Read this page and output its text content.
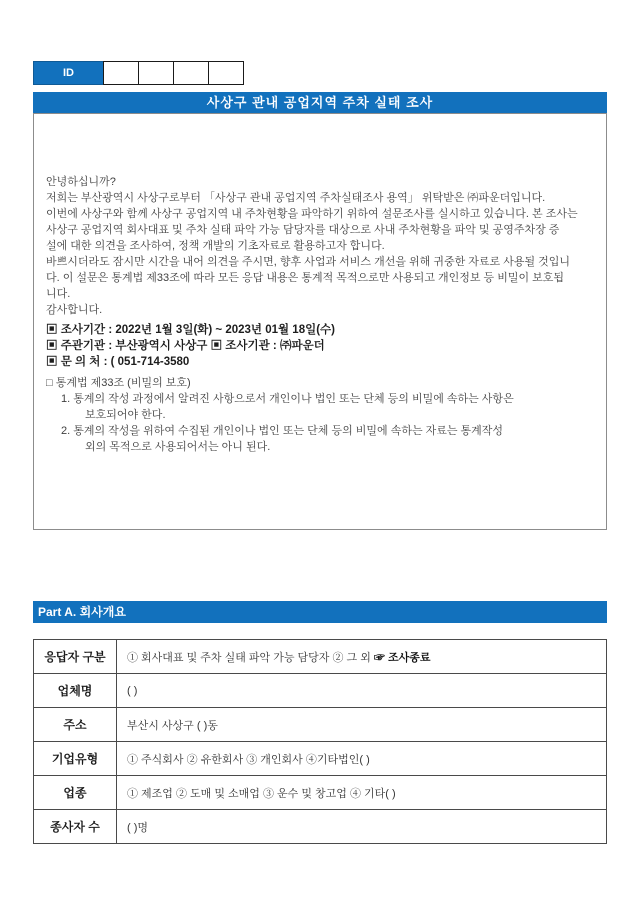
ID
사상구 관내 공업지역 주차 실태 조사
안녕하십니까?
저희는 부산광역시 사상구로부터 「사상구 관내 공업지역 주차실태조사 용역」 위탁받은 ㈜파운더입니다.
이번에 사상구와 함께 사상구 공업지역 내 주차현황을 파악하기 위하여 설문조사를 실시하고 있습니다. 본 조사는
사상구 공업지역 회사대표 및 주차 실태 파악 가능 담당자를 대상으로 사내 주차현황을 파악 및 공영주차장 증
설에 대한 의견을 조사하여, 정책 개발의 기초자료로 활용하고자 합니다.
바쁘시더라도 잠시만 시간을 내어 의견을 주시면, 향후 사업과 서비스 개선을 위해 귀중한 자료로 사용될 것입니
다. 이 설문은 통계법 제33조에 따라 모든 응답 내용은 통계적 목적으로만 사용되고 개인정보 등 비밀이 보호됩
니다.
감사합니다.
▣ 조사기간 : 2022년 1월 3일(화) ~ 2023년 01월 18일(수)
▣ 주관기관 : 부산광역시 사상구 ▣ 조사기관 : ㈜파운더
▣ 문 의 처 : ( 051-714-3580
□ 통계법 제33조 (비밀의 보호)
1. 통계의 작성 과정에서 알려진 사항으로서 개인이나 법인 또는 단체 등의 비밀에 속하는 사항은
보호되어야 한다.
2. 통계의 작성을 위하여 수집된 개인이나 법인 또는 단체 등의 비밀에 속하는 자료는 통계작성
외의 목적으로 사용되어서는 아니 된다.
Part A. 회사개요
응답자 구분	① 회사대표 및 주차 실태 파악 가능 담당자 ② 그 외 ☞ 조사종료
업체명	( )
주소	부산시 사상구 ( )동
기업유형	① 주식회사 ② 유한회사 ③ 개인회사 ④기타법인( )
업종	① 제조업 ② 도매 및 소매업 ③ 운수 및 창고업 ④ 기타( )
종사자 수	( )명
